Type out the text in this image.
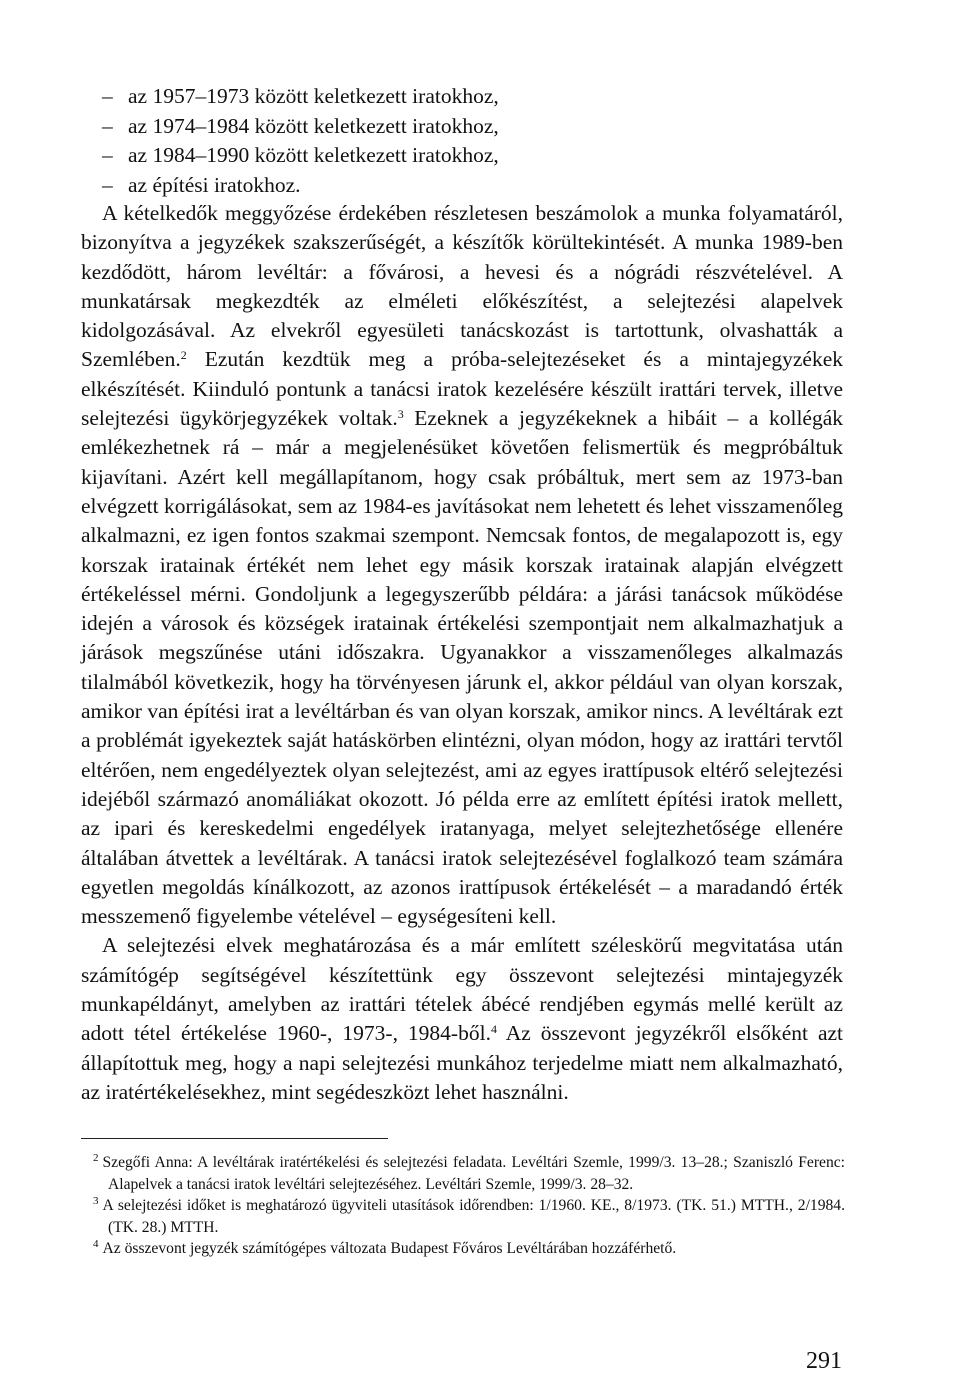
– az 1957–1973 között keletkezett iratokhoz,
– az 1974–1984 között keletkezett iratokhoz,
– az 1984–1990 között keletkezett iratokhoz,
– az építési iratokhoz.

A kételkedők meggyőzése érdekében részletesen beszámolok a munka folyamatáról, bizonyítva a jegyzékek szakszerűségét, a készítők körültekintését. A munka 1989-ben kezdődött, három levéltár: a fővárosi, a hevesi és a nógrádi részvételével. A munkatársak megkezdték az elméleti előkészítést, a selejtezési alapelvek kidolgozásával. Az elvekről egyesületi tanácskozást is tartottunk, olvashatták a Szemlében.$^2$ Ezután kezdtük meg a próba-selejtezéseket és a mintajegyzékek elkészítését. Kiinduló pontunk a tanácsi iratok kezelésére készült irattári tervek, illetve selejtezési ügykörjegyzékek voltak.$^3$ Ezeknek a jegyzékeknek a hibáit – a kollégák emlékezhetnek rá – már a megjelenésüket követően felismertük és megpróbáltuk kijavítani. Azért kell megállapítanom, hogy csak próbáltuk, mert sem az 1973-ban elvégzett korrigálásokat, sem az 1984-es javításokat nem lehetett és lehet visszamenőleg alkalmazni, ez igen fontos szakmai szempont. Nemcsak fontos, de megalapozott is, egy korszak iratainak értékét nem lehet egy másik korszak iratainak alapján elvégzett értékeléssel mérni. Gondoljunk a legegyszerűbb példára: a járási tanácsok működése idején a városok és községek iratainak értékelési szempontjait nem alkalmazhatjuk a járások megszűnése utáni időszakra. Ugyanakkor a visszamenőleges alkalmazás tilalmából következik, hogy ha törvényesen járunk el, akkor például van olyan korszak, amikor van építési irat a levéltárban és van olyan korszak, amikor nincs. A levéltárak ezt a problémát igyekeztek saját hatáskörben elintézni, olyan módon, hogy az irattári tervtől eltérően, nem engedélyeztek olyan selejtezést, ami az egyes irattípusok eltérő selejtezési idejéből származó anomáliákat okozott. Jó példa erre az említett építési iratok mellett, az ipari és kereskedelmi engedélyek iratanyaga, melyet selejtezhetősége ellenére általában átvettek a levéltárak. A tanácsi iratok selejtezésével foglalkozó team számára egyetlen megoldás kínálkozott, az azonos irattípusok értékelését – a maradandó érték messzemenő figyelembe vételével – egységesíteni kell.

A selejtezési elvek meghatározása és a már említett széleskörű megvitatása után számítógép segítségével készítettünk egy összevont selejtezési mintajegyzék munkapéldányt, amelyben az irattári tételek ábécé rendjében egymás mellé került az adott tétel értékelése 1960-, 1973-, 1984-ből.$^4$ Az összevont jegyzékről elsőként azt állapítottuk meg, hogy a napi selejtezési munkához terjedelme miatt nem alkalmazható, az iratértékelésekhez, mint segédeszközt lehet használni.

$^2$ Szegőfi Anna: A levéltárak iratértékelési és selejtezési feladata. Levéltári Szemle, 1999/3. 13–28.; Szaniszló Ferenc: Alapelvek a tanácsi iratok levéltári selejtezéséhez. Levéltári Szemle, 1999/3. 28–32.

$^3$ A selejtezési időket is meghatározó ügyviteli utasítások időrendben: 1/1960. KE., 8/1973. (TK. 51.) MTTH., 2/1984. (TK. 28.) MTTH.

$^4$ Az összevont jegyzék számítógépes változata Budapest Főváros Levéltárában hozzáférhető.

291
